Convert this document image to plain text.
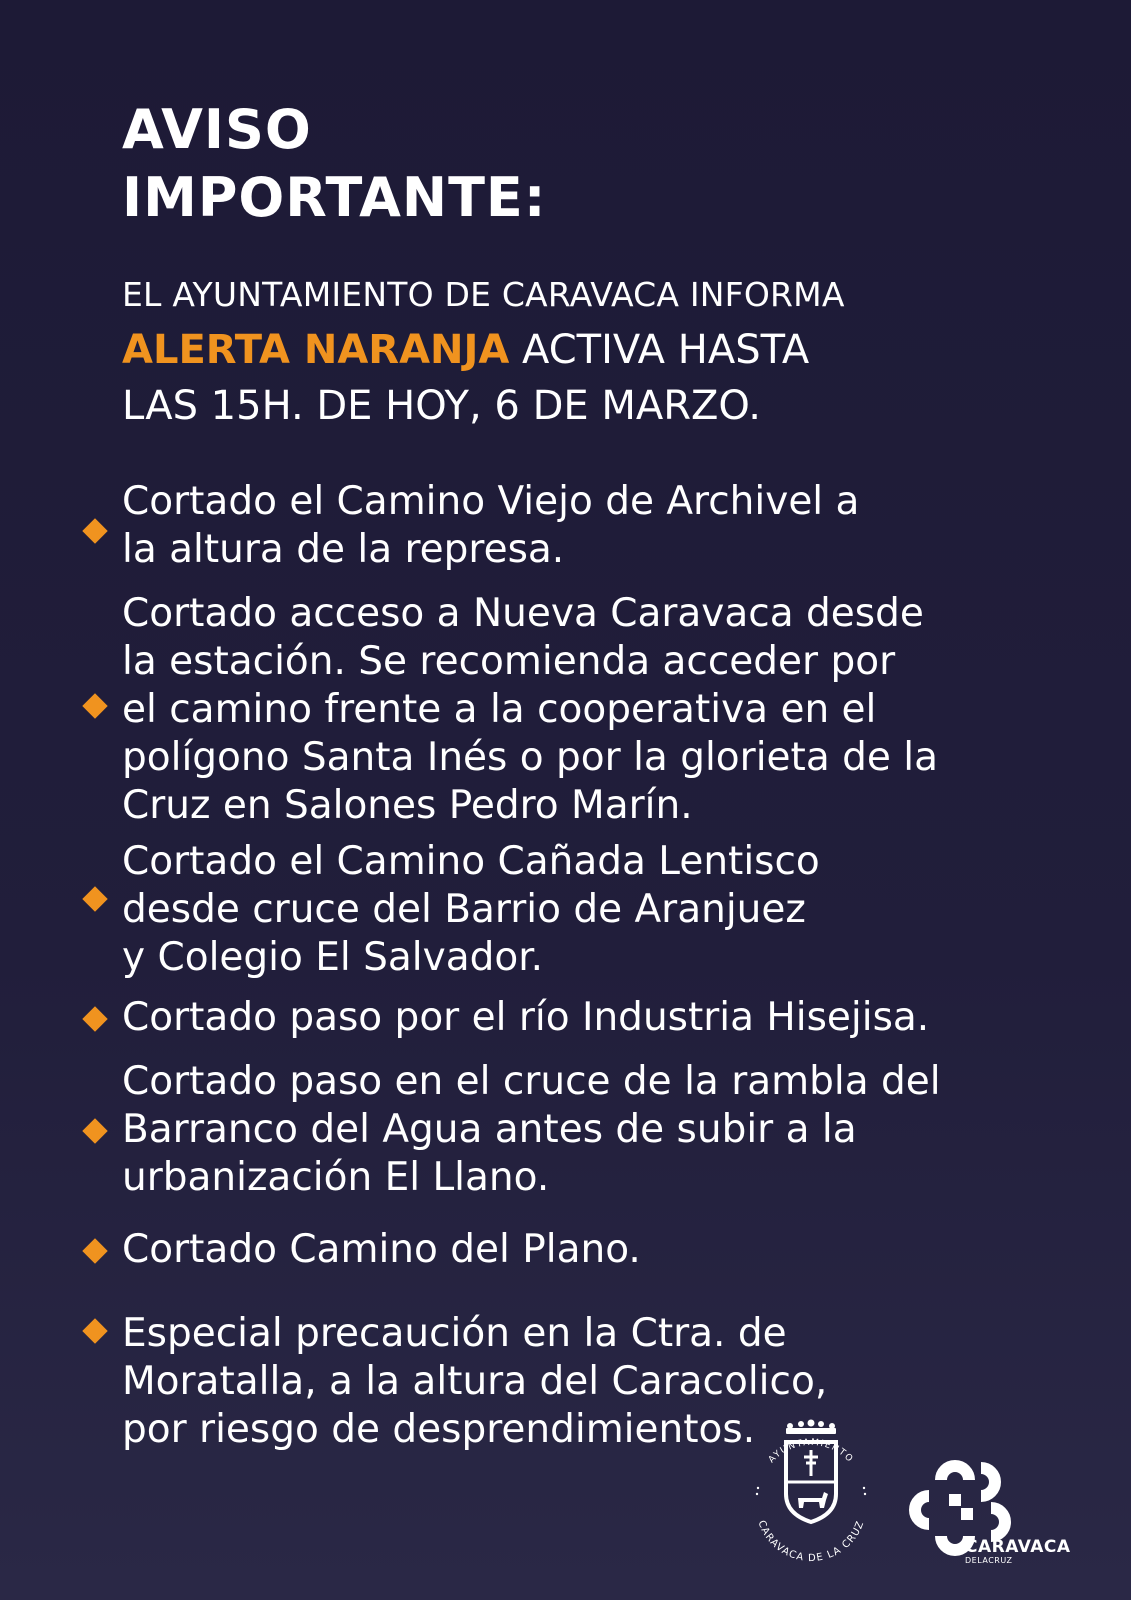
AVISO
IMPORTANTE:
EL AYUNTAMIENTO DE CARAVACA INFORMA
ALERTA NARANJA ACTIVA HASTA
LAS 15H. DE HOY, 6 DE MARZO.
Cortado el Camino Viejo de Archivel a
la altura de la represa.
Cortado acceso a Nueva Caravaca desde
la estación. Se recomienda acceder por
el camino frente a la cooperativa en el
polígono Santa Inés o por la glorieta de la
Cruz en Salones Pedro Marín.
Cortado el Camino Cañada Lentisco
desde cruce del Barrio de Aranjuez
y Colegio El Salvador.
Cortado paso por el río Industria Hisejisa.
Cortado paso en el cruce de la rambla del
Barranco del Agua antes de subir a la
urbanización El Llano.
Cortado Camino del Plano.
Especial precaución en la Ctra. de
Moratalla, a la altura del Caracolico,
por riesgo de desprendimientos.
AYUNTAMIENTO
CARAVACA DE LA CRUZ
CARAVACA
DELACRUZ
